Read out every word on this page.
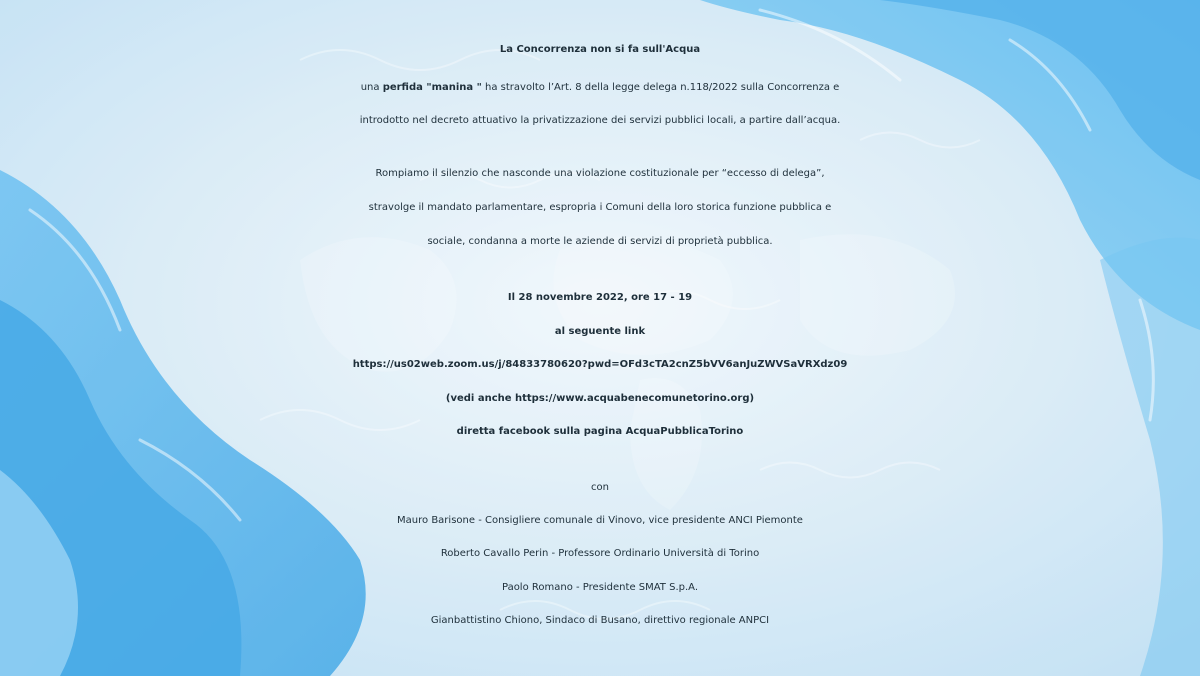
La Concorrenza non si fa sull'Acqua
una perfida "manina " ha stravolto l’Art. 8 della legge delega n.118/2022 sulla Concorrenza e
introdotto nel decreto attuativo la privatizzazione dei servizi pubblici locali, a partire dall’acqua.
Rompiamo il silenzio che nasconde una violazione costituzionale per “eccesso di delega”,
stravolge il mandato parlamentare, espropria i Comuni della loro storica funzione pubblica e
sociale, condanna a morte le aziende di servizi di proprietà pubblica.
Il 28 novembre 2022, ore 17 - 19
al seguente link
https://us02web.zoom.us/j/84833780620?pwd=OFd3cTA2cnZ5bVV6anJuZWVSaVRXdz09
(vedi anche https://www.acquabenecomunetorino.org)
diretta facebook sulla pagina AcquaPubblicaTorino
con
Mauro Barisone - Consigliere comunale di Vinovo, vice presidente ANCI Piemonte
Roberto Cavallo Perin - Professore Ordinario Università di Torino
Paolo Romano - Presidente SMAT S.p.A.
Gianbattistino Chiono, Sindaco di Busano, direttivo regionale ANPCI
